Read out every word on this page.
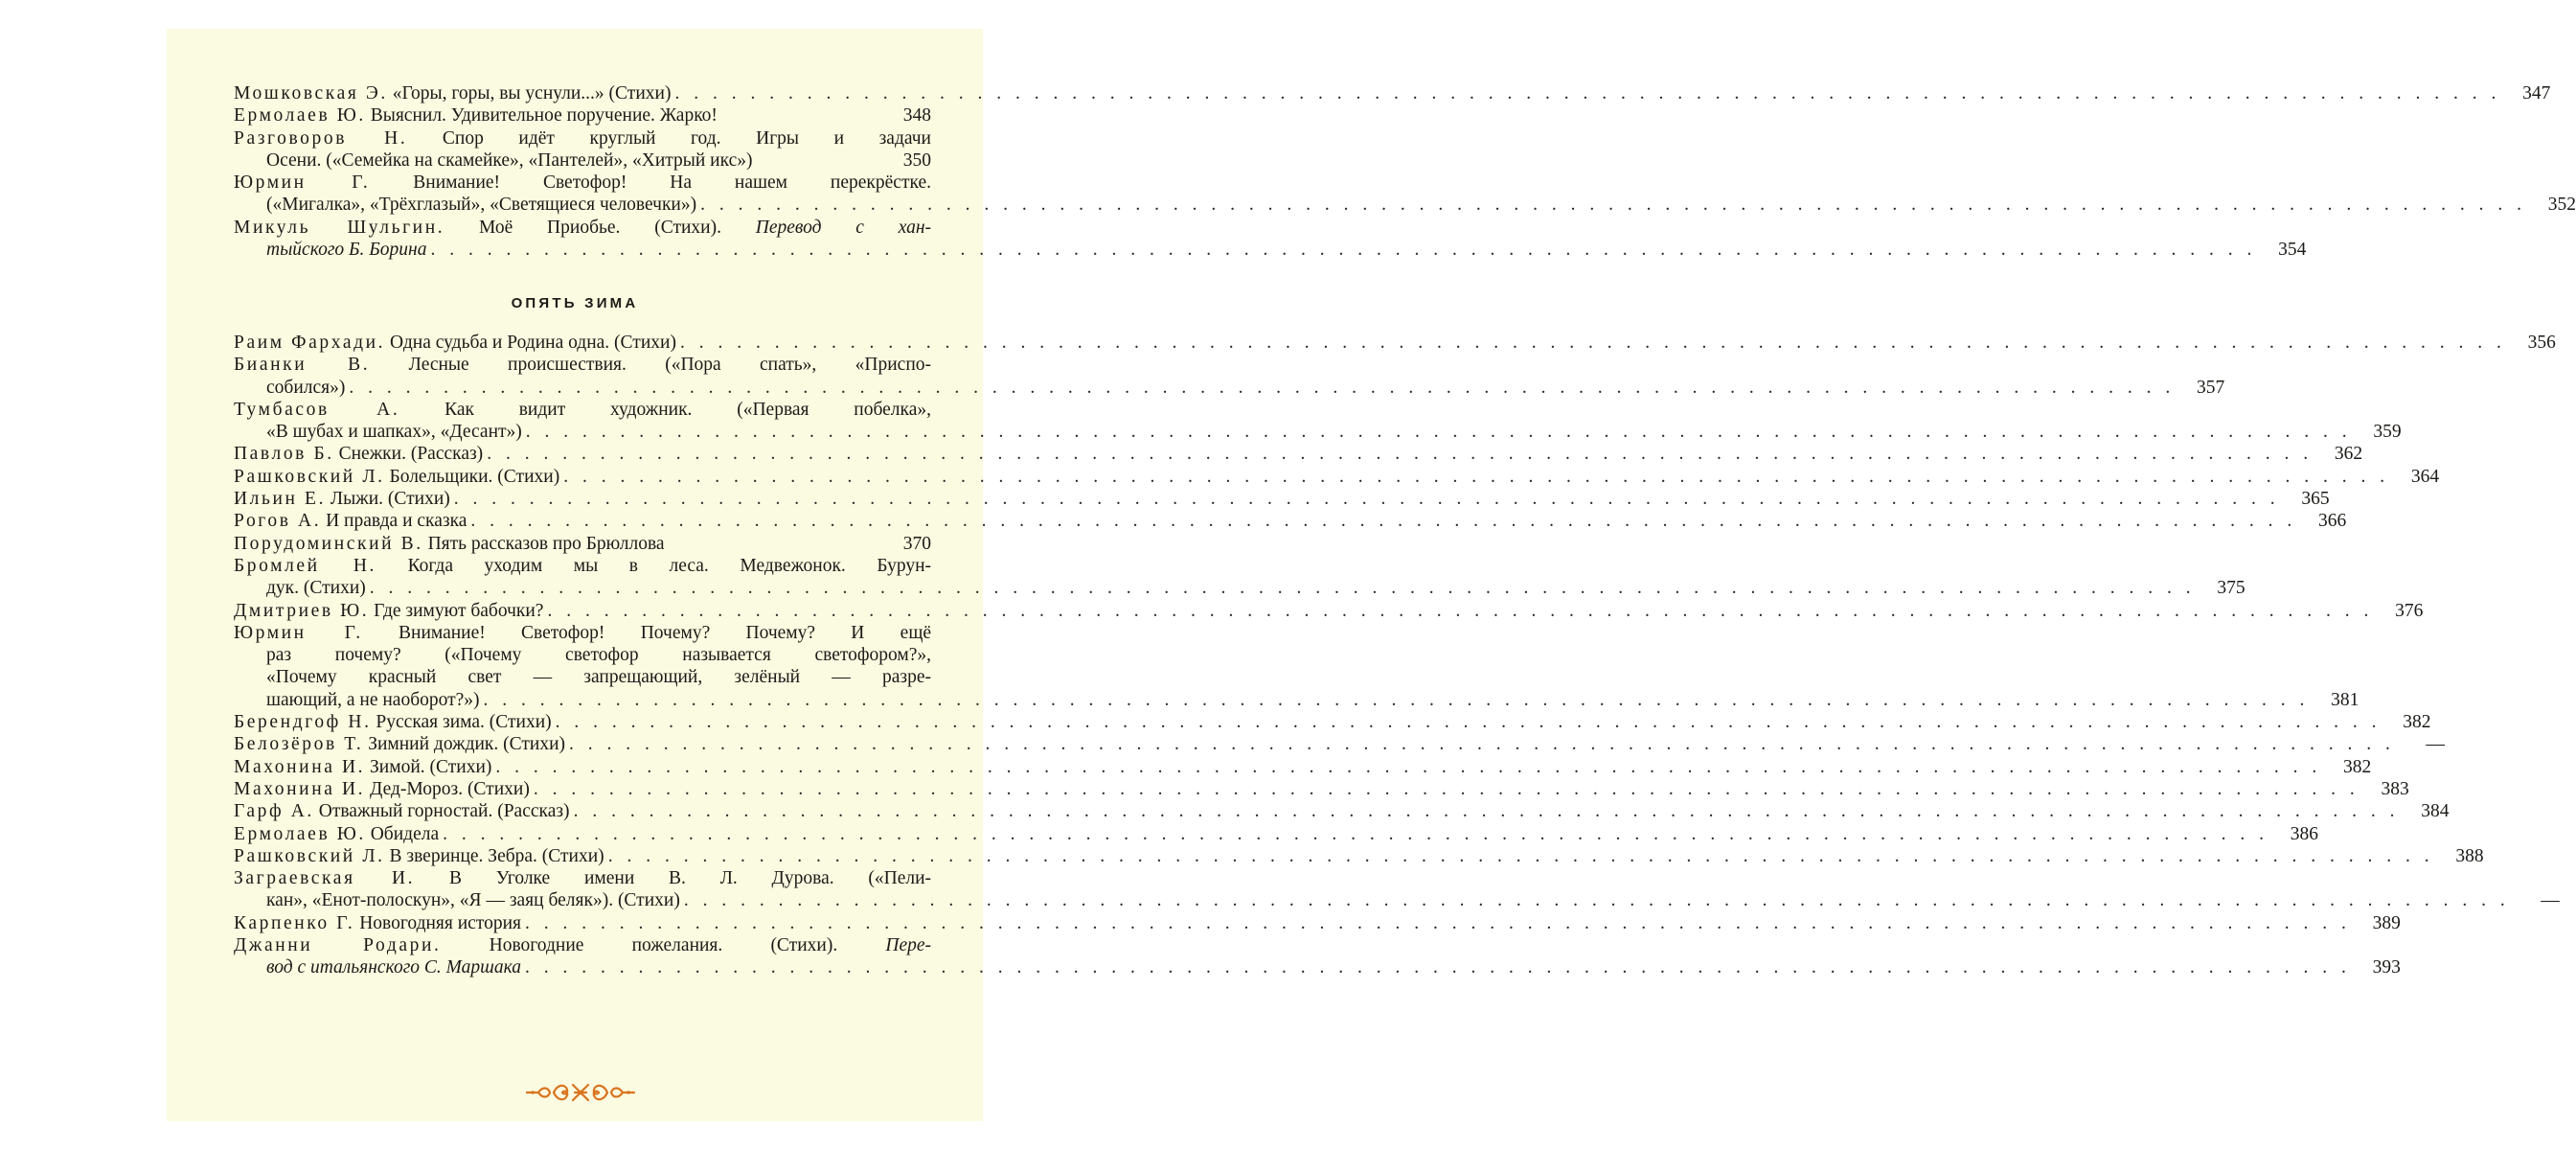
Мошковская Э. «Горы, горы, вы уснули...» (Стихи) . . .	347
Ермолаев Ю. Выяснил. Удивительное поручение. Жарко!	348
Разговоров Н. Спор идёт круглый год. Игры и задачи
Осени. («Семейка на скамейке», «Пантелей», «Хитрый икс»)	350
Юрмин Г. Внимание! Светофор! На нашем перекрёстке.
(«Мигалка», «Трёхглазый», «Светящиеся человечки») . . .	352
Микуль Шульгин. Моё Приобье. (Стихи). Перевод с хан-
тыйского Б. Борина . . .	354
ОПЯТЬ ЗИМА
Раим Фархади. Одна судьба и Родина одна. (Стихи) . . .	356
Бианки В. Лесные происшествия. («Пора спать», «Приспо-
собился») . . .	357
Тумбасов А. Как видит художник. («Первая побелка»,
«В шубах и шапках», «Десант») . . .	359
Павлов Б. Снежки. (Рассказ) . . .	362
Рашковский Л. Болельщики. (Стихи) . . .	364
Ильин Е. Лыжи. (Стихи) . . .	365
Рогов А. И правда и сказка . . .	366
Порудоминский В. Пять рассказов про Брюллова	370
Бромлей Н. Когда уходим мы в леса. Медвежонок. Бурун-
дук. (Стихи) . . .	375
Дмитриев Ю. Где зимуют бабочки? . . .	376
Юрмин Г. Внимание! Светофор! Почему? Почему? И ещё
раз почему? («Почему светофор называется светофором?»,
«Почему красный свет — запрещающий, зелёный — разре-
шающий, а не наоборот?») . . .	381
Берендгоф Н. Русская зима. (Стихи) . . .	382
Белозёров Т. Зимний дождик. (Стихи) . . .	—
Махонина И. Зимой. (Стихи) . . .	382
Махонина И. Дед-Мороз. (Стихи) . . .	383
Гарф А. Отважный горностай. (Рассказ) . . .	384
Ермолаев Ю. Обидела . . .	386
Рашковский Л. В зверинце. Зебра. (Стихи) . . .	388
Заграевская И. В Уголке имени В. Л. Дурова. («Пели-
кан», «Енот-полоскун», «Я — заяц беляк»). (Стихи) . . .	—
Карпенко Г. Новогодняя история . . .	389
Джанни Родари. Новогодние пожелания. (Стихи). Пере-
вод с итальянского С. Маршака . . .	393
